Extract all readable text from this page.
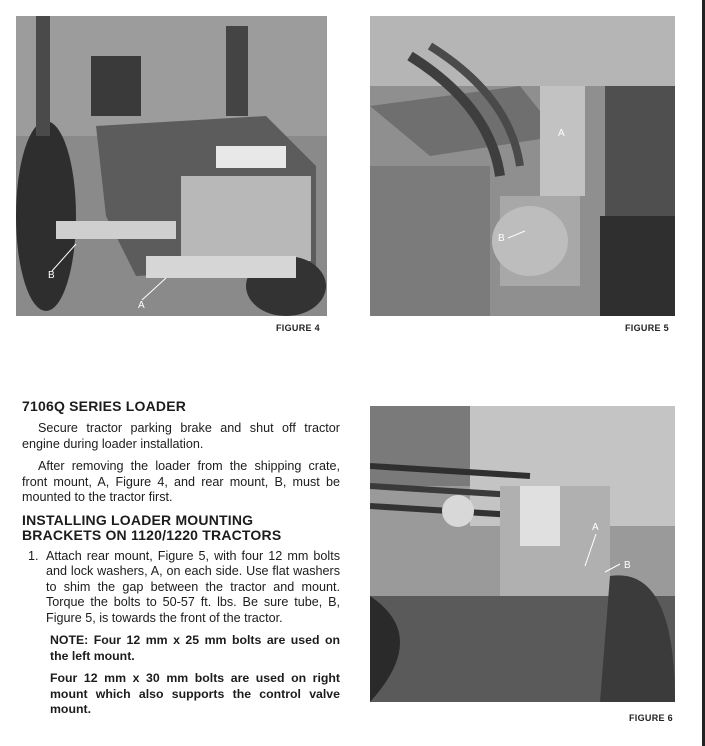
B
A
FIGURE 4
A
B
FIGURE 5
A
B
FIGURE 6
7106Q SERIES LOADER

Secure tractor parking brake and shut off tractor engine during loader installation.

After removing the loader from the shipping crate, front mount, A, Figure 4, and rear mount, B, must be mounted to the tractor first.

INSTALLING LOADER MOUNTING
BRACKETS ON 1120/1220 TRACTORS
1. Attach rear mount, Figure 5, with four 12 mm bolts and lock washers, A, on each side. Use flat washers to shim the gap between the tractor and mount. Torque the bolts to 50-57 ft. lbs. Be sure tube, B, Figure 5, is towards the front of the tractor.

NOTE: Four 12 mm x 25 mm bolts are used on the left mount.

Four 12 mm x 30 mm bolts are used on right mount which also supports the control valve mount.
